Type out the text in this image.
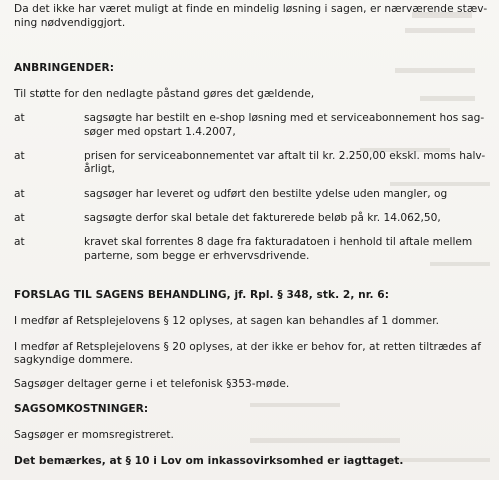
Da det ikke har været muligt at finde en mindelig løsning i sagen, er nærværende stæv-
ning nødvendiggjort.
ANBRINGENDER:
Til støtte for den nedlagte påstand gøres det gældende,
at	sagsøgte har bestilt en e-shop løsning med et serviceabonnement hos sag-
søger med opstart 1.4.2007,
at	prisen for serviceabonnementet var aftalt til kr. 2.250,00 ekskl. moms halv-
årligt,
at	sagsøger har leveret og udført den bestilte ydelse uden mangler, og
at	sagsøgte derfor skal betale det fakturerede beløb på kr. 14.062,50,
at	kravet skal forrentes 8 dage fra fakturadatoen i henhold til aftale mellem
parterne, som begge er erhvervsdrivende.
FORSLAG TIL SAGENS BEHANDLING, jf. Rpl. § 348, stk. 2, nr. 6:
I medfør af Retsplejelovens § 12 oplyses, at sagen kan behandles af 1 dommer.
I medfør af Retsplejelovens § 20 oplyses, at der ikke er behov for, at retten tiltrædes af
sagkyndige dommere.
Sagsøger deltager gerne i et telefonisk §353-møde.
SAGSOMKOSTNINGER:
Sagsøger er momsregistreret.
Det bemærkes, at § 10 i Lov om inkassovirksomhed er iagttaget.
